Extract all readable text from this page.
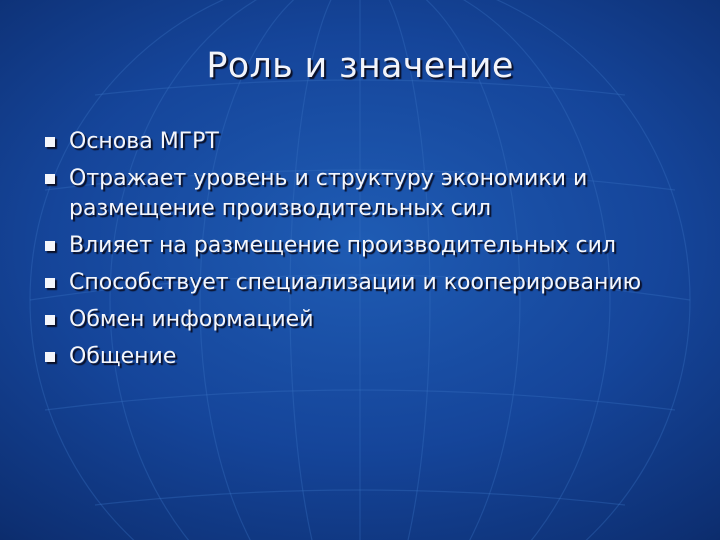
Роль и значение
Основа МГРТ
Отражает уровень и структуру экономики и размещение производительных сил
Влияет на размещение производительных сил
Способствует специализации и кооперированию
Обмен информацией
Общение
